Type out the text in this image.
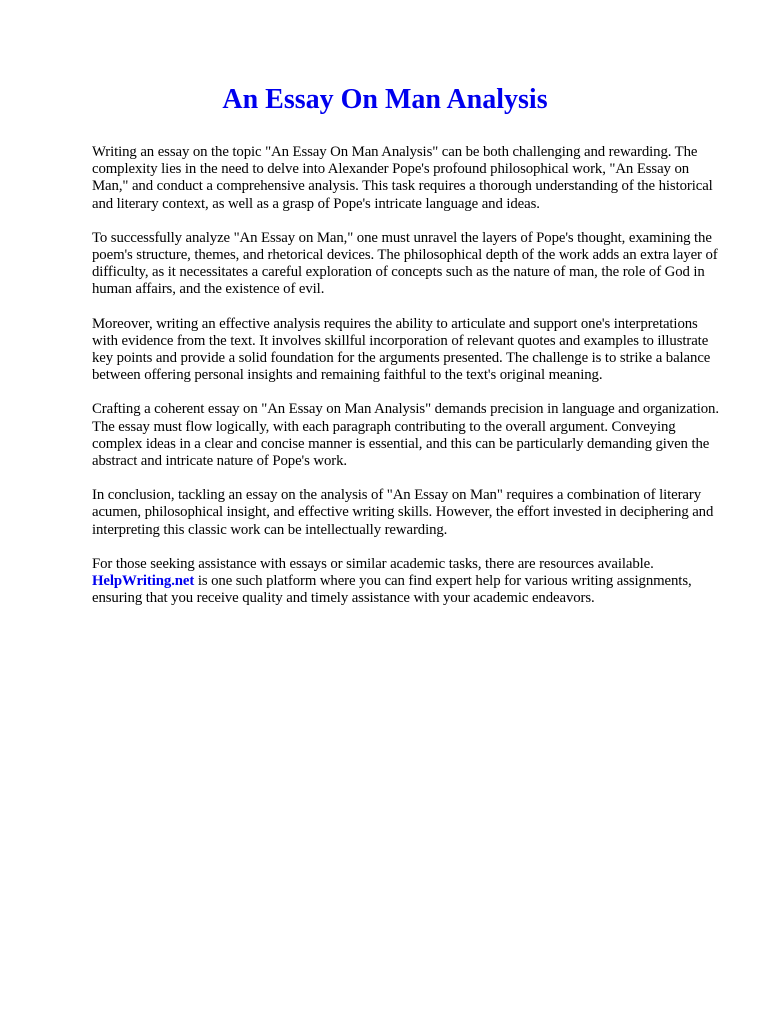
An Essay On Man Analysis

Writing an essay on the topic "An Essay On Man Analysis" can be both challenging and rewarding. The complexity lies in the need to delve into Alexander Pope's profound philosophical work, "An Essay on Man," and conduct a comprehensive analysis. This task requires a thorough understanding of the historical and literary context, as well as a grasp of Pope's intricate language and ideas.

To successfully analyze "An Essay on Man," one must unravel the layers of Pope's thought, examining the poem's structure, themes, and rhetorical devices. The philosophical depth of the work adds an extra layer of difficulty, as it necessitates a careful exploration of concepts such as the nature of man, the role of God in human affairs, and the existence of evil.

Moreover, writing an effective analysis requires the ability to articulate and support one's interpretations with evidence from the text. It involves skillful incorporation of relevant quotes and examples to illustrate key points and provide a solid foundation for the arguments presented. The challenge is to strike a balance between offering personal insights and remaining faithful to the text's original meaning.

Crafting a coherent essay on "An Essay on Man Analysis" demands precision in language and organization. The essay must flow logically, with each paragraph contributing to the overall argument. Conveying complex ideas in a clear and concise manner is essential, and this can be particularly demanding given the abstract and intricate nature of Pope's work.

In conclusion, tackling an essay on the analysis of "An Essay on Man" requires a combination of literary acumen, philosophical insight, and effective writing skills. However, the effort invested in deciphering and interpreting this classic work can be intellectually rewarding.

For those seeking assistance with essays or similar academic tasks, there are resources available. HelpWriting.net is one such platform where you can find expert help for various writing assignments, ensuring that you receive quality and timely assistance with your academic endeavors.
